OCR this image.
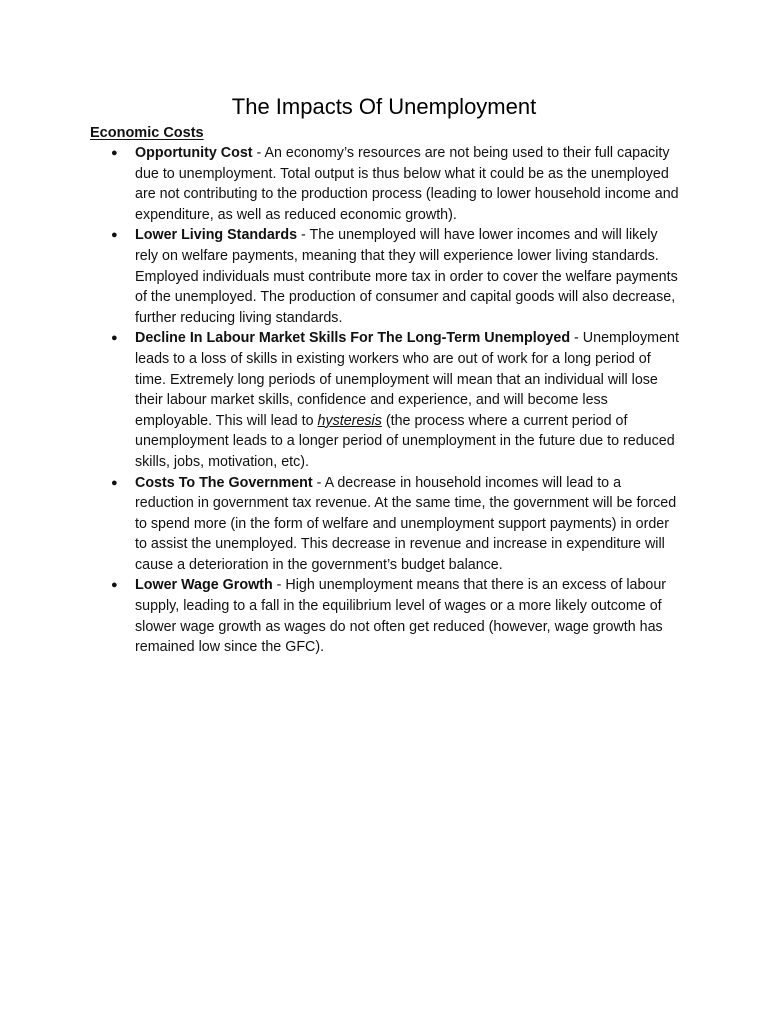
The Impacts Of Unemployment
Economic Costs
● Opportunity Cost - An economy’s resources are not being used to their full capacity due to unemployment. Total output is thus below what it could be as the unemployed are not contributing to the production process (leading to lower household income and expenditure, as well as reduced economic growth).
● Lower Living Standards - The unemployed will have lower incomes and will likely rely on welfare payments, meaning that they will experience lower living standards. Employed individuals must contribute more tax in order to cover the welfare payments of the unemployed. The production of consumer and capital goods will also decrease, further reducing living standards.
● Decline In Labour Market Skills For The Long-Term Unemployed - Unemployment leads to a loss of skills in existing workers who are out of work for a long period of time. Extremely long periods of unemployment will mean that an individual will lose their labour market skills, confidence and experience, and will become less employable. This will lead to hysteresis (the process where a current period of unemployment leads to a longer period of unemployment in the future due to reduced skills, jobs, motivation, etc).
● Costs To The Government - A decrease in household incomes will lead to a reduction in government tax revenue. At the same time, the government will be forced to spend more (in the form of welfare and unemployment support payments) in order to assist the unemployed. This decrease in revenue and increase in expenditure will cause a deterioration in the government’s budget balance.
● Lower Wage Growth - High unemployment means that there is an excess of labour supply, leading to a fall in the equilibrium level of wages or a more likely outcome of slower wage growth as wages do not often get reduced (however, wage growth has remained low since the GFC).
